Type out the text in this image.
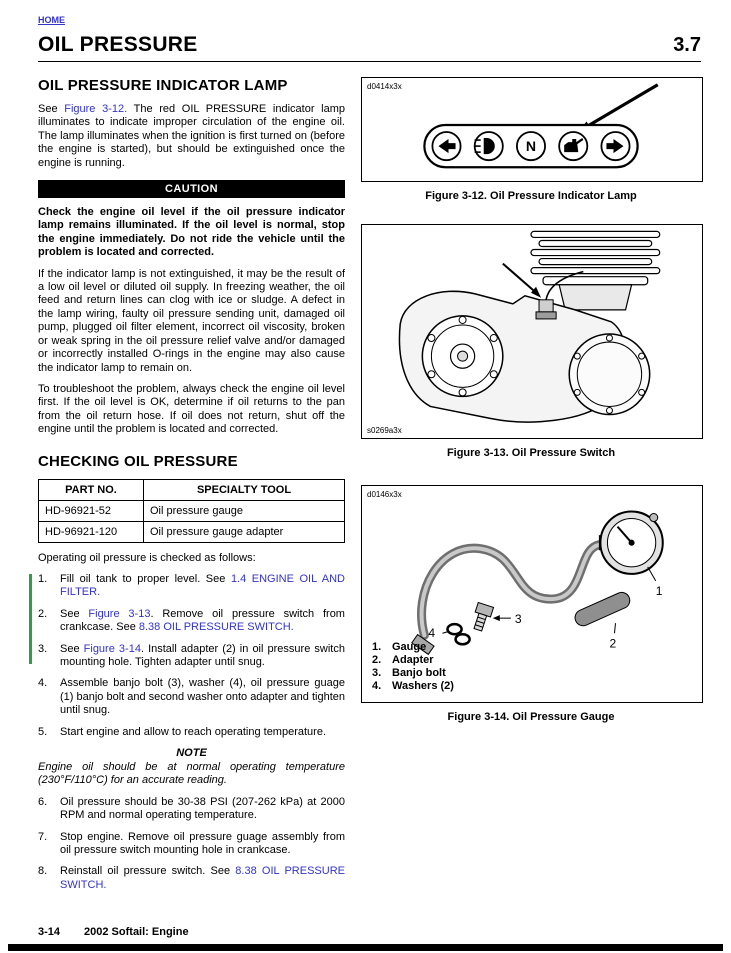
HOME
OIL PRESSURE	3.7
OIL PRESSURE INDICATOR LAMP

See Figure 3-12. The red OIL PRESSURE indicator lamp illuminates to indicate improper circulation of the engine oil. The lamp illuminates when the ignition is first turned on (before the engine is started), but should be extinguished once the engine is running.

CAUTION

Check the engine oil level if the oil pressure indicator lamp remains illuminated. If the oil level is normal, stop the engine immediately. Do not ride the vehicle until the problem is located and corrected.

If the indicator lamp is not extinguished, it may be the result of a low oil level or diluted oil supply. In freezing weather, the oil feed and return lines can clog with ice or sludge. A defect in the lamp wiring, faulty oil pressure sending unit, damaged oil pump, plugged oil filter element, incorrect oil viscosity, broken or weak spring in the oil pressure relief valve and/or damaged or incorrectly installed O-rings in the engine may also cause the indicator lamp to remain on.

To troubleshoot the problem, always check the engine oil level first. If the oil level is OK, determine if oil returns to the pan from the oil return hose. If oil does not return, shut off the engine until the problem is located and corrected.

CHECKING OIL PRESSURE
PART NO.	SPECIALTY TOOL
HD-96921-52	Oil pressure gauge
HD-96921-120	Oil pressure gauge adapter

Operating oil pressure is checked as follows:

1.	Fill oil tank to proper level. See 1.4 ENGINE OIL AND FILTER.
2.	See Figure 3-13. Remove oil pressure switch from crankcase. See 8.38 OIL PRESSURE SWITCH.
3.	See Figure 3-14. Install adapter (2) in oil pressure switch mounting hole. Tighten adapter until snug.
4.	Assemble banjo bolt (3), washer (4), oil pressure guage (1) banjo bolt and second washer onto adapter and tighten until snug.
5.	Start engine and allow to reach operating temperature.
NOTE
Engine oil should be at normal operating temperature (230°F/110°C) for an accurate reading.
6.	Oil pressure should be 30-38 PSI (207-262 kPa) at 2000 RPM and normal operating temperature.
7.	Stop engine. Remove oil pressure guage assembly from oil pressure switch mounting hole in crankcase.
8.	Reinstall oil pressure switch. See 8.38 OIL PRESSURE SWITCH.
d0414x3x
N
Figure 3-12. Oil Pressure Indicator Lamp
s0269a3x
Figure 3-13. Oil Pressure Switch
d0146x3x
1
2
3
4
1. Gauge
2. Adapter
3. Banjo bolt
4. Washers (2)
Figure 3-14. Oil Pressure Gauge
3-14 2002 Softail: Engine
